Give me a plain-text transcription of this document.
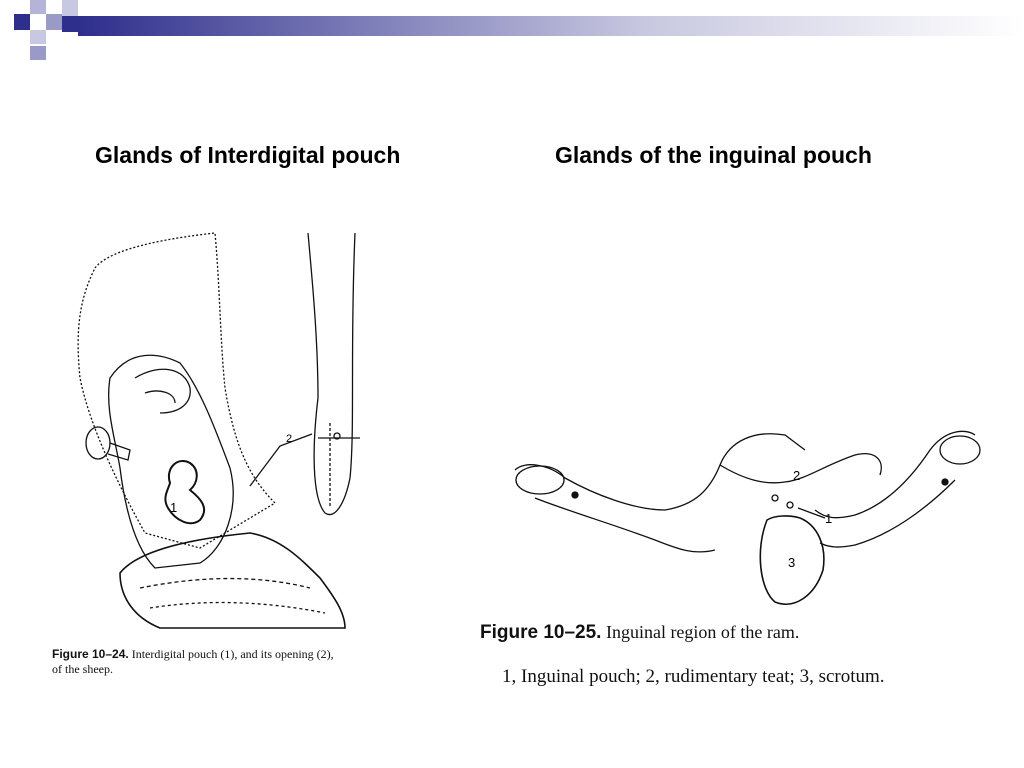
Glands of Interdigital pouch	Glands of the inguinal pouch
1
2
2
1
3
Figure 10–24. Interdigital pouch (1), and its opening (2),
of the sheep.
Figure 10–25. Inguinal region of the ram.
1, Inguinal pouch; 2, rudimentary teat; 3, scrotum.
